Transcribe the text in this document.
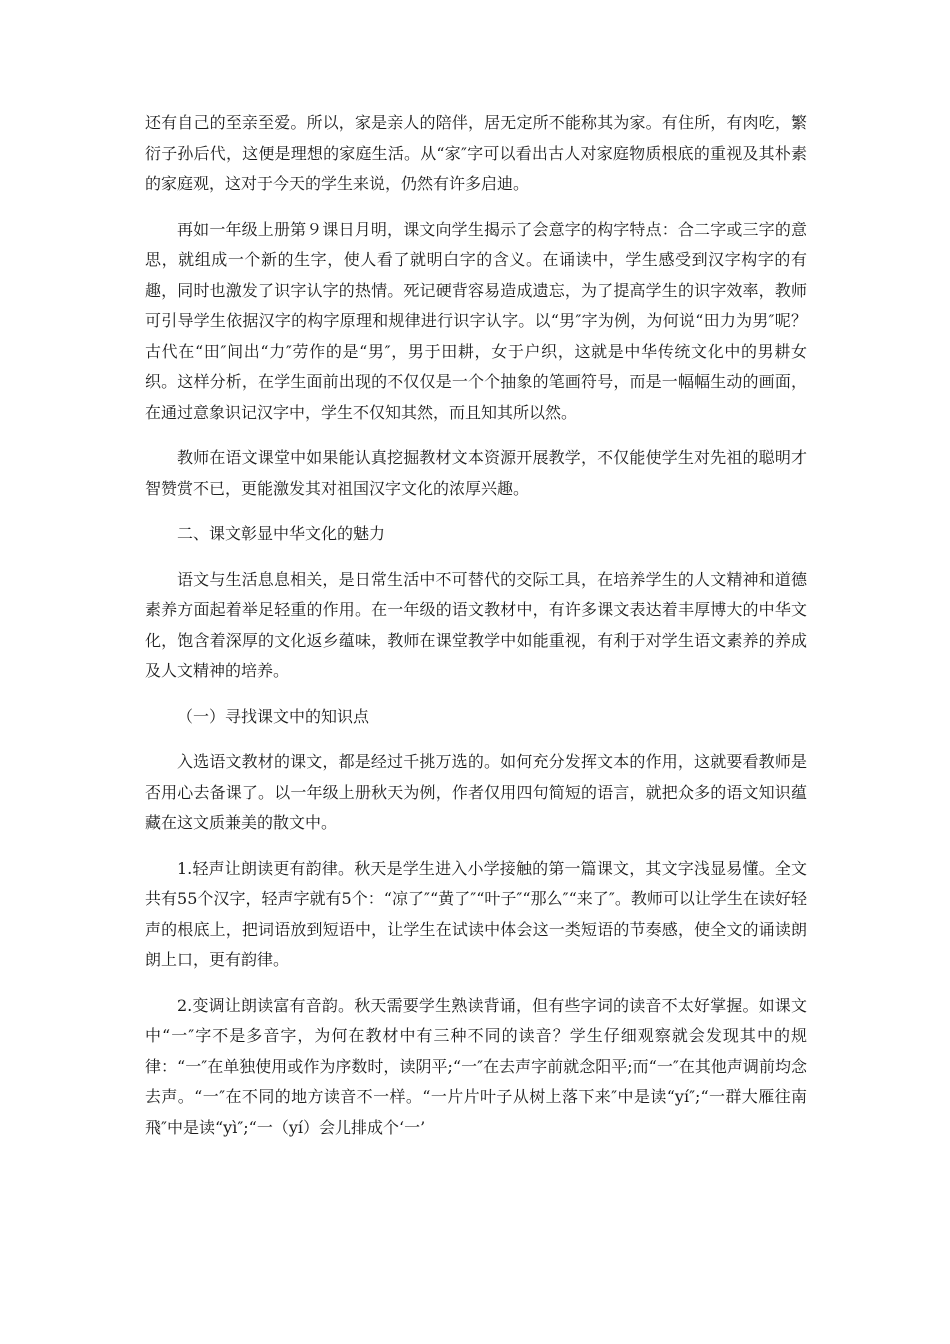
还有自己的至亲至爱。所以，家是亲人的陪伴，居无定所不能称其为家。有住所，有肉吃，繁衍子孙后代，这便是理想的家庭生活。从“家″字可以看出古人对家庭物质根底的重视及其朴素的家庭观，这对于今天的学生来说，仍然有许多启迪。

再如一年级上册第９课日月明，课文向学生揭示了会意字的构字特点：合二字或三字的意思，就组成一个新的生字，使人看了就明白字的含义。在诵读中，学生感受到汉字构字的有趣，同时也激发了识字认字的热情。死记硬背容易造成遗忘，为了提高学生的识字效率，教师可引导学生依据汉字的构字原理和规律进行识字认字。以“男″字为例，为何说“田力为男″呢？古代在“田″间出“力″劳作的是“男″，男于田耕，女于户织，这就是中华传统文化中的男耕女织。这样分析，在学生面前出现的不仅仅是一个个抽象的笔画符号，而是一幅幅生动的画面，在通过意象识记汉字中，学生不仅知其然，而且知其所以然。

教师在语文课堂中如果能认真挖掘教材文本资源开展教学，不仅能使学生对先祖的聪明才智赞赏不已，更能激发其对祖国汉字文化的浓厚兴趣。

二、课文彰显中华文化的魅力

语文与生活息息相关，是日常生活中不可替代的交际工具，在培养学生的人文精神和道德素养方面起着举足轻重的作用。在一年级的语文教材中，有许多课文表达着丰厚博大的中华文化，饱含着深厚的文化返乡蕴味，教师在课堂教学中如能重视，有利于对学生语文素养的养成及人文精神的培养。

（一）寻找课文中的知识点

入选语文教材的课文，都是经过千挑万选的。如何充分发挥文本的作用，这就要看教师是否用心去备课了。以一年级上册秋天为例，作者仅用四句简短的语言，就把众多的语文知识蕴藏在这文质兼美的散文中。

1.轻声让朗读更有韵律。秋天是学生进入小学接触的第一篇课文，其文字浅显易懂。全文共有55个汉字，轻声字就有5个：“凉了″“黄了″“叶子″“那么″“来了″。教师可以让学生在读好轻声的根底上，把词语放到短语中，让学生在试读中体会这一类短语的节奏感，使全文的诵读朗朗上口，更有韵律。

2.变调让朗读富有音韵。秋天需要学生熟读背诵，但有些字词的读音不太好掌握。如课文中“一″字不是多音字，为何在教材中有三种不同的读音？学生仔细观察就会发现其中的规律：“一″在单独使用或作为序数时，读阴平;“一″在去声字前就念阳平;而“一″在其他声调前均念去声。“一″在不同的地方读音不一样。“一片片叶子从树上落下来″中是读“yí″;“一群大雁往南飛″中是读“yì″;“一（yí）会儿排成个‘一’
